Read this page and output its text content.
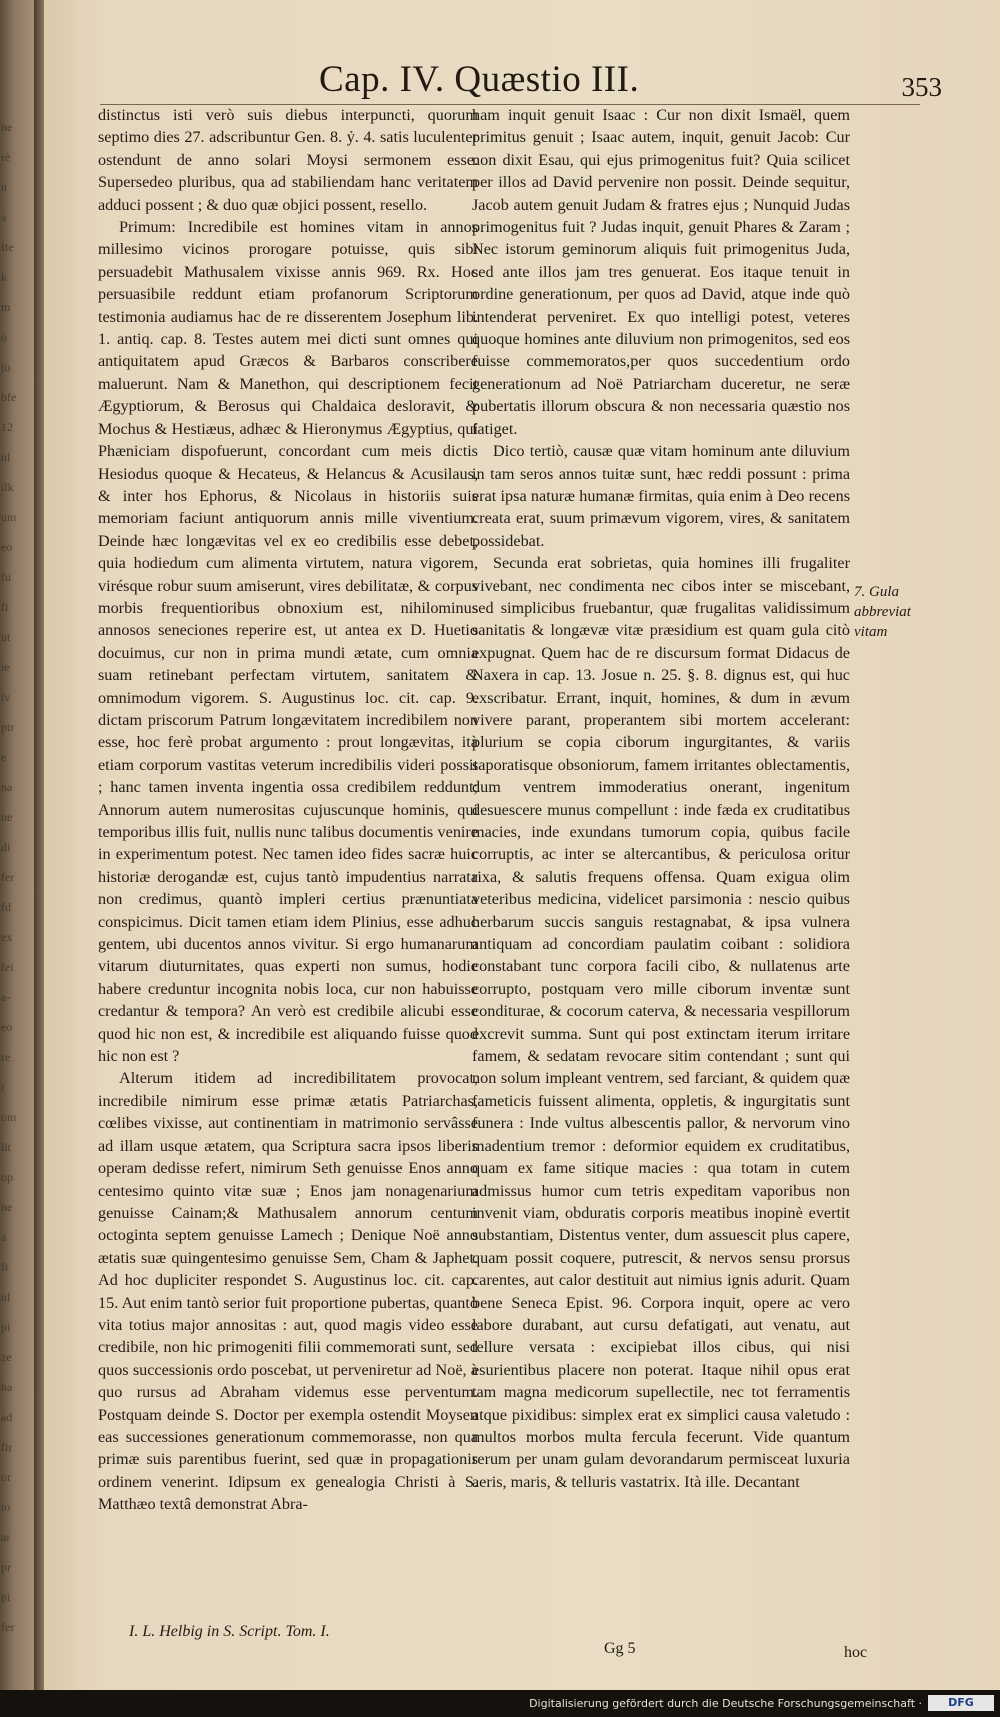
ne
rè
n
a
Ite
k
m
o
ju
bfe
12
nl
ilk
um
eo
fu
fi
ut
ie
lv
ptr
e
na
ne
di
fer
fd
ex
fei
a-
eo
re
r
om
lit
op
ne
a
fi
nl
pi
ze
ba
ad
fir
or
to
ar
pr
pi
fer
Cap. IV. Quæstio III.	353

distinctus isti verò suis diebus interpuncti, quorum septimo dies 27. adscribuntur Gen. 8. ỷ. 4. satis luculenter ostendunt de anno solari Moysi sermonem esse. Supersedeo pluribus, qua ad stabiliendam hanc veritatem adduci possent ; & duo quæ objici possent, resello.

Primum: Incredibile est homines vitam in annos millesimo vicinos prorogare potuisse, quis sibi persuadebit Mathusalem vixisse annis 969. Rx. Hoc persuasibile reddunt etiam profanorum Scriptorum testimonia audiamus hac de re disserentem Josephum lib. 1. antiq. cap. 8. Testes autem mei dicti sunt omnes qui antiquitatem apud Græcos & Barbaros conscribere maluerunt. Nam & Manethon, qui descriptionem fecit Ægyptiorum, & Berosus qui Chaldaica desloravit, & Mochus & Hestiæus, adhæc & Hieronymus Ægyptius, qui Phæniciam dispofuerunt, concordant cum meis dictis Hesiodus quoque & Hecateus, & Helancus & Acusilaus, & inter hos Ephorus, & Nicolaus in historiis suis memoriam faciunt antiquorum annis mille viventium. Deinde hæc longævitas vel ex eo credibilis esse debet, quia hodiedum cum alimenta virtutem, natura vigorem, virésque robur suum amiserunt, vires debilitatæ, & corpus morbis frequentioribus obnoxium est, nihilominus annosos seneciones reperire est, ut antea ex D. Huetio docuimus, cur non in prima mundi ætate, cum omnia suam retinebant perfectam virtutem, sanitatem & omnimodum vigorem. S. Augustinus loc. cit. cap. 9. dictam priscorum Patrum longævitatem incredibilem non esse, hoc ferè probat argumento : prout longævitas, ità etiam corporum vastitas veterum incredibilis videri possit ; hanc tamen inventa ingentia ossa credibilem reddunt; Annorum autem numerositas cujuscunque hominis, qui temporibus illis fuit, nullis nunc talibus documentis venire in experimentum potest. Nec tamen ideo fides sacræ huic historiæ derogandæ est, cujus tantò impudentius narrata non credimus, quantò impleri certius prænuntiata conspicimus. Dicit tamen etiam idem Plinius, esse adhuc gentem, ubi ducentos annos vivitur. Si ergo humanarum vitarum diuturnitates, quas experti non sumus, hodie habere creduntur incognita nobis loca, cur non habuisse credantur & tempora? An verò est credibile alicubi esse quod hic non est, & incredibile est aliquando fuisse quod hic non est ?

Alterum itidem ad incredibilitatem provocat, incredibile nimirum esse primæ ætatis Patriarchas, cœlibes vixisse, aut continentiam in matrimonio servâsse ad illam usque ætatem, qua Scriptura sacra ipsos liberis operam dedisse refert, nimirum Seth genuisse Enos anno centesimo quinto vitæ suæ ; Enos jam nonagenarium genuisse Cainam;& Mathusalem annorum centum octoginta septem genuisse Lamech ; Denique Noë anno ætatis suæ quingentesimo genuisse Sem, Cham & Japhet. Ad hoc dupliciter respondet S. Augustinus loc. cit. cap. 15. Aut enim tantò serior fuit proportione pubertas, quantò vita totius major annositas : aut, quod magis video esse credibile, non hic primogeniti filii commemorati sunt, sed quos successionis ordo poscebat, ut perveniretur ad Noë, à quo rursus ad Abraham videmus esse perventum. Postquam deinde S. Doctor per exempla ostendit Moysen eas successiones generationum commemorasse, non qua primæ suis parentibus fuerint, sed quæ in propagationis ordinem venerint. Idipsum ex genealogia Christi à S. Matthæo textâ demonstrat Abra-

ham inquit genuit Isaac : Cur non dixit Ismaël, quem primitus genuit ; Isaac autem, inquit, genuit Jacob: Cur non dixit Esau, qui ejus primogenitus fuit? Quia scilicet per illos ad David pervenire non possit. Deinde sequitur, Jacob autem genuit Judam & fratres ejus ; Nunquid Judas primogenitus fuit ? Judas inquit, genuit Phares & Zaram ; Nec istorum geminorum aliquis fuit primogenitus Juda, sed ante illos jam tres genuerat. Eos itaque tenuit in ordine generationum, per quos ad David, atque inde quò intenderat perveniret. Ex quo intelligi potest, veteres quoque homines ante diluvium non primogenitos, sed eos fuisse commemoratos,per quos succedentium ordo generationum ad Noë Patriarcham duceretur, ne seræ pubertatis illorum obscura & non necessaria quæstio nos fatiget.

Dico tertiò, causæ quæ vitam hominum ante diluvium in tam seros annos tuitæ sunt, hæc reddi possunt : prima erat ipsa naturæ humanæ firmitas, quia enim à Deo recens creata erat, suum primævum vigorem, vires, & sanitatem possidebat.

Secunda erat sobrietas, quia homines illi frugaliter vivebant, nec condimenta nec cibos inter se miscebant, sed simplicibus fruebantur, quæ frugalitas validissimum sanitatis & longævæ vitæ præsidium est quam gula citò expugnat. Quem hac de re discursum format Didacus de Naxera in cap. 13. Josue n. 25. §. 8. dignus est, qui huc exscribatur. Errant, inquit, homines, & dum in ævum vivere parant, properantem sibi mortem accelerant: plurium se copia ciborum ingurgitantes, & variis saporatisque obsoniorum, famem irritantes oblectamentis, dum ventrem immoderatius onerant, ingenitum desuescere munus compellunt : inde fæda ex cruditatibus macies, inde exundans tumorum copia, quibus facile corruptis, ac inter se altercantibus, & periculosa oritur rixa, & salutis frequens offensa. Quam exigua olim veteribus medicina, videlicet parsimonia : nescio quibus herbarum succis sanguis restagnabat, & ipsa vulnera antiquam ad concordiam paulatim coibant : solidiora constabant tunc corpora facili cibo, & nullatenus arte corrupto, postquam vero mille ciborum inventæ sunt conditurae, & cocorum caterva, & necessaria vespillorum excrevit summa. Sunt qui post extinctam iterum irritare famem, & sedatam revocare sitim contendant ; sunt qui non solum impleant ventrem, sed farciant, & quidem quæ fameticis fuissent alimenta, oppletis, & ingurgitatis sunt funera : Inde vultus albescentis pallor, & nervorum vino madentium tremor : deformior equidem ex cruditatibus, quam ex fame sitique macies : qua totam in cutem admissus humor cum tetris expeditam vaporibus non invenit viam, obduratis corporis meatibus inopinè evertit substantiam, Distentus venter, dum assuescit plus capere, quam possit coquere, putrescit, & nervos sensu prorsus carentes, aut calor destituit aut nimius ignis adurit. Quam bene Seneca Epist. 96. Corpora inquit, opere ac vero labore durabant, aut cursu defatigati, aut venatu, aut tellure versata : excipiebat illos cibus, qui nisi esurientibus placere non poterat. Itaque nihil opus erat tam magna medicorum supellectile, nec tot ferramentis atque pixidibus: simplex erat ex simplici causa valetudo : multos morbos multa fercula fecerunt. Vide quantum rerum per unam gulam devorandarum permisceat luxuria aeris, maris, & telluris vastatrix. Ità ille. Decantant

7. Gula abbreviat vitam
I. L. Helbig in S. Script. Tom. I.
Gg 5	hoc
Digitalisierung gefördert durch die Deutsche Forschungsgemeinschaft ·	DFG
